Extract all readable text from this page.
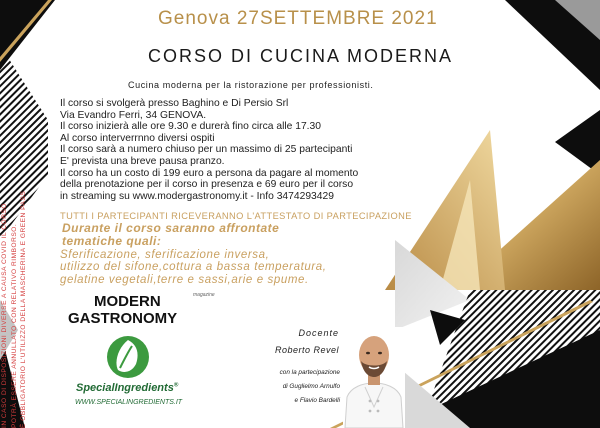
IN CASO DI DISPOSIZIONI DIVERSE A CAUSA COVID IL CORSO POTRÀ ESSERE ANNULLATO CON RELATIVO RIMBORSO. È OBBLIGATORIO L'UTILIZZO DELLA MASCHERINA E GREEN PASS
Genova 27SETTEMBRE 2021
CORSO DI CUCINA MODERNA
Cucina moderna per la ristorazione per professionisti.
Il corso si svolgerà presso Baghino e Di Persio Srl
Via Evandro Ferri, 34 GENOVA.
Il corso inizierà alle ore 9.30 e durerà fino circa alle 17.30
Al corso interverrnno diversi ospiti
Il corso sarà a numero chiuso per un massimo di 25 partecipanti
E' prevista una breve pausa pranzo.
Il corso ha un costo di 199 euro a persona da pagare al momento
della prenotazione per il corso in presenza e 69 euro per il corso
in streaming su www.modergastronomy.it - Info 3474293429
TUTTI I PARTECIPANTI RICEVERANNO L'ATTESTATO DI PARTECIPAZIONE
Durante il corso saranno affrontate
tematiche quali:
Sferificazione, sferificazione inversa,
utilizzo del sifone,cottura a bassa temperatura,
gelatine vegetali,terre e sassi,arie e spume.
MODERN
GASTRONOMY
magazine
SpecialIngredients®
WWW.SPECIALINGREDIENTS.IT
Docente
Roberto Revel
con la partecipazione
di Guglielmo Arnulfo
e Flavio Bardelli
